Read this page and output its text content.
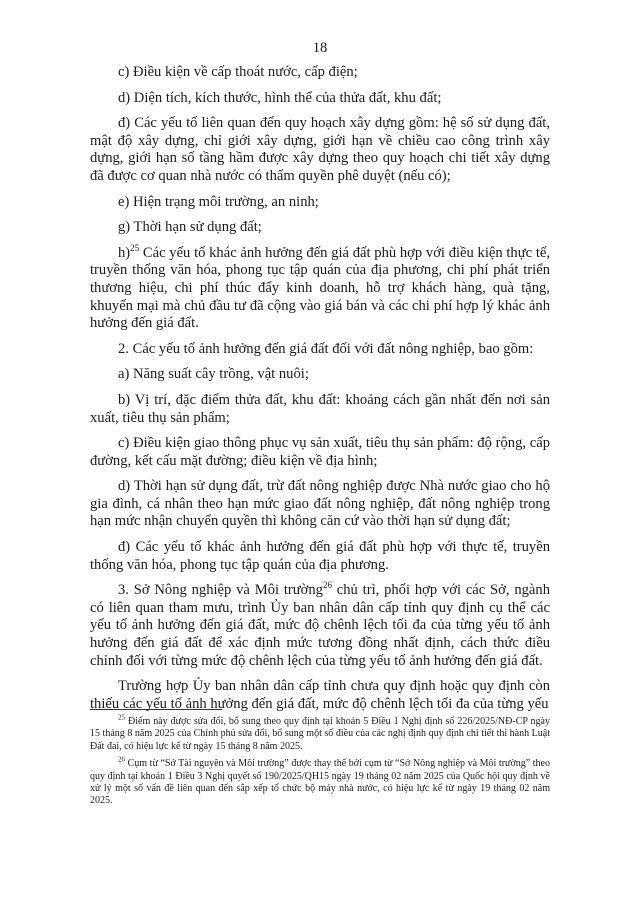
18

c) Điều kiện về cấp thoát nước, cấp điện;

d) Diện tích, kích thước, hình thể của thửa đất, khu đất;

đ) Các yếu tố liên quan đến quy hoạch xây dựng gồm: hệ số sử dụng đất, mật độ xây dựng, chỉ giới xây dựng, giới hạn về chiều cao công trình xây dựng, giới hạn số tầng hầm được xây dựng theo quy hoạch chi tiết xây dựng đã được cơ quan nhà nước có thẩm quyền phê duyệt (nếu có);

e) Hiện trạng môi trường, an ninh;

g) Thời hạn sử dụng đất;

h)$^{25}$ Các yếu tố khác ảnh hưởng đến giá đất phù hợp với điều kiện thực tế, truyền thống văn hóa, phong tục tập quán của địa phương, chi phí phát triển thương hiệu, chi phí thúc đẩy kinh doanh, hỗ trợ khách hàng, quà tặng, khuyến mại mà chủ đầu tư đã cộng vào giá bán và các chi phí hợp lý khác ảnh hưởng đến giá đất.

2. Các yếu tố ảnh hưởng đến giá đất đối với đất nông nghiệp, bao gồm:

a) Năng suất cây trồng, vật nuôi;

b) Vị trí, đặc điểm thửa đất, khu đất: khoảng cách gần nhất đến nơi sản xuất, tiêu thụ sản phẩm;

c) Điều kiện giao thông phục vụ sản xuất, tiêu thụ sản phẩm: độ rộng, cấp đường, kết cấu mặt đường; điều kiện về địa hình;

d) Thời hạn sử dụng đất, trừ đất nông nghiệp được Nhà nước giao cho hộ gia đình, cá nhân theo hạn mức giao đất nông nghiệp, đất nông nghiệp trong hạn mức nhận chuyển quyền thì không căn cứ vào thời hạn sử dụng đất;

đ) Các yếu tố khác ảnh hưởng đến giá đất phù hợp với thực tế, truyền thống văn hóa, phong tục tập quán của địa phương.

3. Sở Nông nghiệp và Môi trường$^{26}$ chủ trì, phối hợp với các Sở, ngành có liên quan tham mưu, trình Ủy ban nhân dân cấp tỉnh quy định cụ thể các yếu tố ảnh hưởng đến giá đất, mức độ chênh lệch tối đa của từng yếu tố ảnh hưởng đến giá đất để xác định mức tương đồng nhất định, cách thức điều chỉnh đối với từng mức độ chênh lệch của từng yếu tố ảnh hưởng đến giá đất.

Trường hợp Ủy ban nhân dân cấp tỉnh chưa quy định hoặc quy định còn thiếu các yếu tố ảnh hưởng đến giá đất, mức độ chênh lệch tối đa của từng yếu

$^{25}$ Điểm này được sửa đổi, bổ sung theo quy định tại khoản 5 Điều 1 Nghị định số 226/2025/NĐ-CP ngày 15 tháng 8 năm 2025 của Chính phủ sửa đổi, bổ sung một số điều của các nghị định quy định chi tiết thi hành Luật Đất đai, có hiệu lực kể từ ngày 15 tháng 8 năm 2025.

$^{26}$ Cụm từ “Sở Tài nguyên và Môi trường” được thay thế bởi cụm từ “Sở Nông nghiệp và Môi trường” theo quy định tại khoản 1 Điều 3 Nghị quyết số 190/2025/QH15 ngày 19 tháng 02 năm 2025 của Quốc hội quy định về xử lý một số vấn đề liên quan đến sắp xếp tổ chức bộ máy nhà nước, có hiệu lực kể từ ngày 19 tháng 02 năm 2025.
